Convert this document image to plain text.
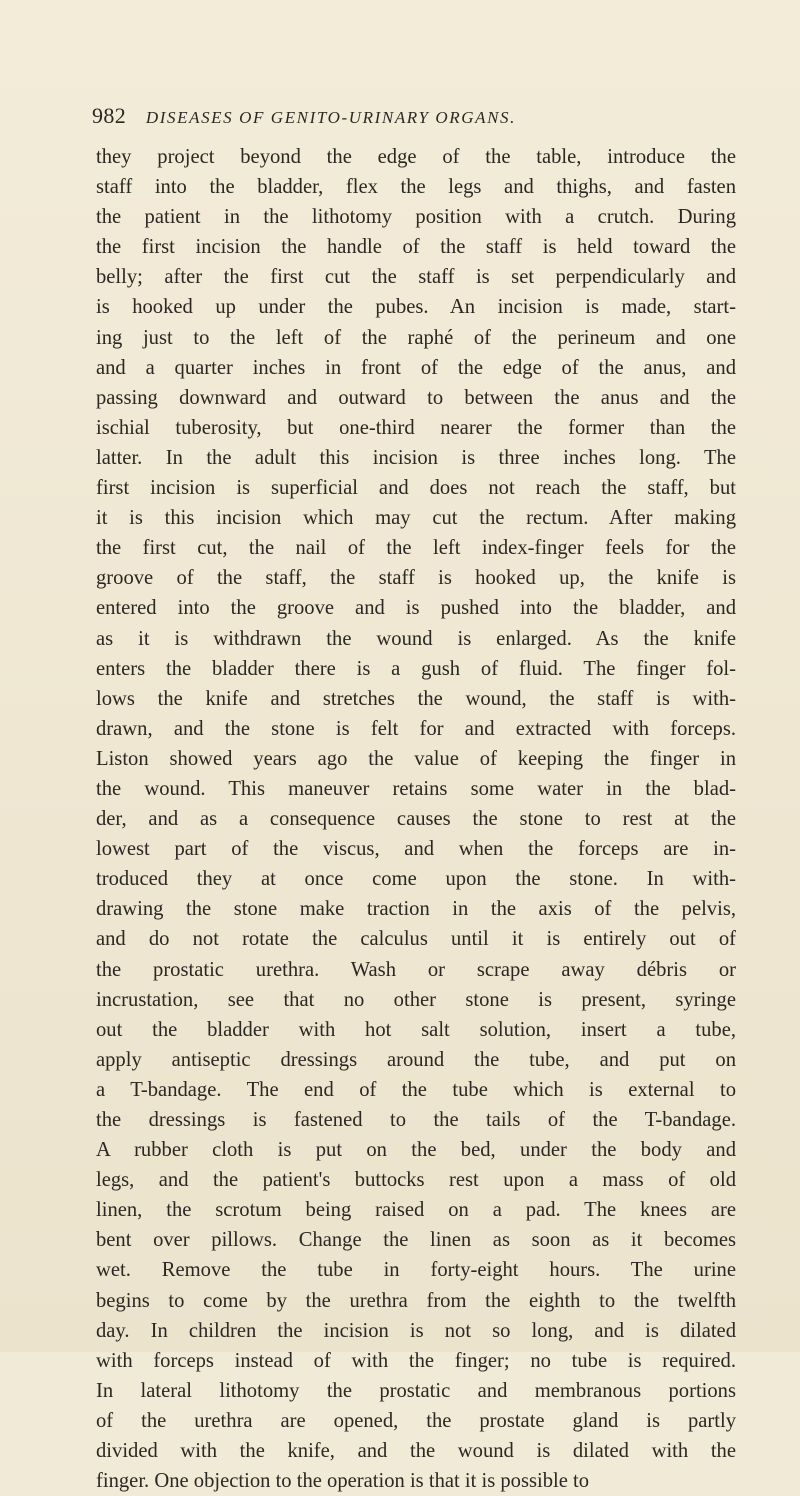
982 DISEASES OF GENITO-URINARY ORGANS.
they project beyond the edge of the table, introduce the
staff into the bladder, flex the legs and thighs, and fasten
the patient in the lithotomy position with a crutch. During
the first incision the handle of the staff is held toward the
belly; after the first cut the staff is set perpendicularly and
is hooked up under the pubes. An incision is made, start-
ing just to the left of the raphé of the perineum and one
and a quarter inches in front of the edge of the anus, and
passing downward and outward to between the anus and the
ischial tuberosity, but one-third nearer the former than the
latter. In the adult this incision is three inches long. The
first incision is superficial and does not reach the staff, but
it is this incision which may cut the rectum. After making
the first cut, the nail of the left index-finger feels for the
groove of the staff, the staff is hooked up, the knife is
entered into the groove and is pushed into the bladder, and
as it is withdrawn the wound is enlarged. As the knife
enters the bladder there is a gush of fluid. The finger fol-
lows the knife and stretches the wound, the staff is with-
drawn, and the stone is felt for and extracted with forceps.
Liston showed years ago the value of keeping the finger in
the wound. This maneuver retains some water in the blad-
der, and as a consequence causes the stone to rest at the
lowest part of the viscus, and when the forceps are in-
troduced they at once come upon the stone. In with-
drawing the stone make traction in the axis of the pelvis,
and do not rotate the calculus until it is entirely out of
the prostatic urethra. Wash or scrape away débris or
incrustation, see that no other stone is present, syringe
out the bladder with hot salt solution, insert a tube,
apply antiseptic dressings around the tube, and put on
a T-bandage. The end of the tube which is external to
the dressings is fastened to the tails of the T-bandage.
A rubber cloth is put on the bed, under the body and
legs, and the patient's buttocks rest upon a mass of old
linen, the scrotum being raised on a pad. The knees are
bent over pillows. Change the linen as soon as it becomes
wet. Remove the tube in forty-eight hours. The urine
begins to come by the urethra from the eighth to the twelfth
day. In children the incision is not so long, and is dilated
with forceps instead of with the finger; no tube is required.
In lateral lithotomy the prostatic and membranous portions
of the urethra are opened, the prostate gland is partly
divided with the knife, and the wound is dilated with the
finger. One objection to the operation is that it is possible to
